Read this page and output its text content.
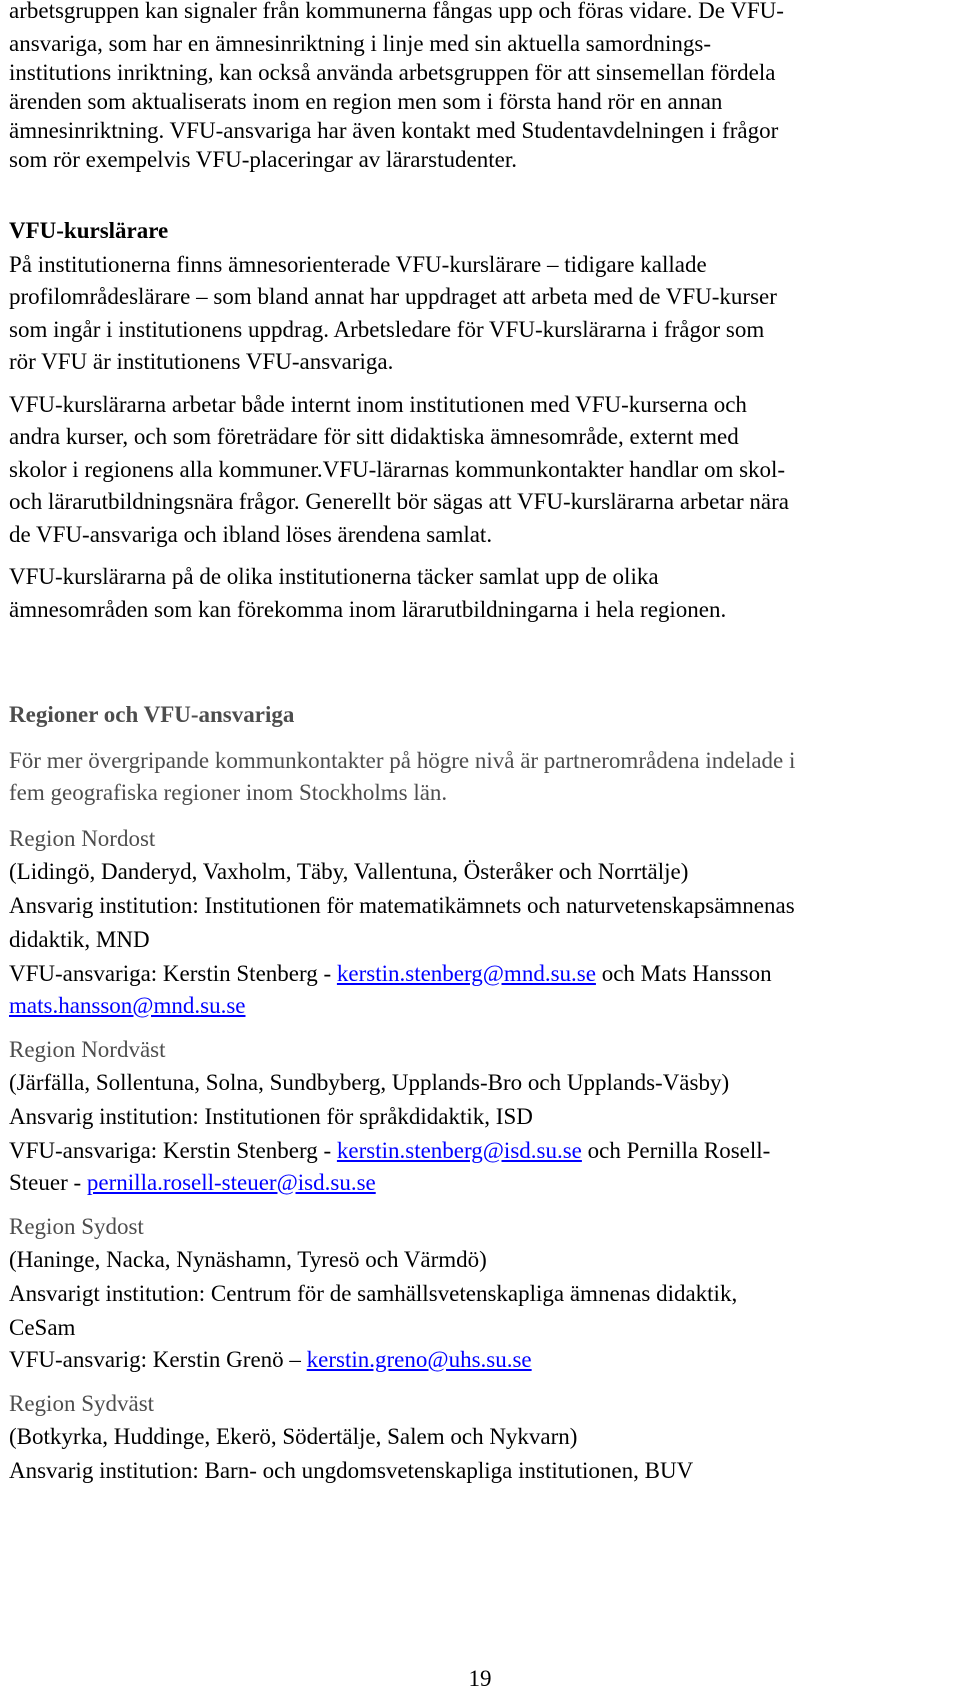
arbetsgruppen kan signaler från kommunerna fångas upp och föras vidare. De VFU-
ansvariga, som har en ämnesinriktning i linje med sin aktuella samordnings-
institutions inriktning, kan också använda arbetsgruppen för att sinsemellan fördela
ärenden som aktualiserats inom en region men som i första hand rör en annan
ämnesinriktning. VFU-ansvariga har även kontakt med Studentavdelningen i frågor
som rör exempelvis VFU-placeringar av lärarstudenter.

VFU-kurslärare

På institutionerna finns ämnesorienterade VFU-kurslärare – tidigare kallade
profilområdeslärare – som bland annat har uppdraget att arbeta med de VFU-kurser
som ingår i institutionens uppdrag. Arbetsledare för VFU-kurslärarna i frågor som
rör VFU är institutionens VFU-ansvariga.

VFU-kurslärarna arbetar både internt inom institutionen med VFU-kurserna och
andra kurser, och som företrädare för sitt didaktiska ämnesområde, externt med
skolor i regionens alla kommuner.VFU-lärarnas kommunkontakter handlar om skol-
och lärarutbildningsnära frågor. Generellt bör sägas att VFU-kurslärarna arbetar nära
de VFU-ansvariga och ibland löses ärendena samlat.

VFU-kurslärarna på de olika institutionerna täcker samlat upp de olika
ämnesområden som kan förekomma inom lärarutbildningarna i hela regionen.

Regioner och VFU-ansvariga

För mer övergripande kommunkontakter på högre nivå är partnerområdena indelade i
fem geografiska regioner inom Stockholms län.

Region Nordost
(Lidingö, Danderyd, Vaxholm, Täby, Vallentuna, Österåker och Norrtälje)
Ansvarig institution: Institutionen för matematikämnets och naturvetenskapsämnenas
didaktik, MND
VFU-ansvariga: Kerstin Stenberg - kerstin.stenberg@mnd.su.se och Mats Hansson
mats.hansson@mnd.su.se
Region Nordväst
(Järfälla, Sollentuna, Solna, Sundbyberg, Upplands-Bro och Upplands-Väsby)
Ansvarig institution: Institutionen för språkdidaktik, ISD
VFU-ansvariga: Kerstin Stenberg - kerstin.stenberg@isd.su.se och Pernilla Rosell-
Steuer - pernilla.rosell-steuer@isd.su.se
Region Sydost
(Haninge, Nacka, Nynäshamn, Tyresö och Värmdö)
Ansvarigt institution: Centrum för de samhällsvetenskapliga ämnenas didaktik,
CeSam
VFU-ansvarig: Kerstin Grenö – kerstin.greno@uhs.su.se
Region Sydväst
(Botkyrka, Huddinge, Ekerö, Södertälje, Salem och Nykvarn)
Ansvarig institution: Barn- och ungdomsvetenskapliga institutionen, BUV
19
